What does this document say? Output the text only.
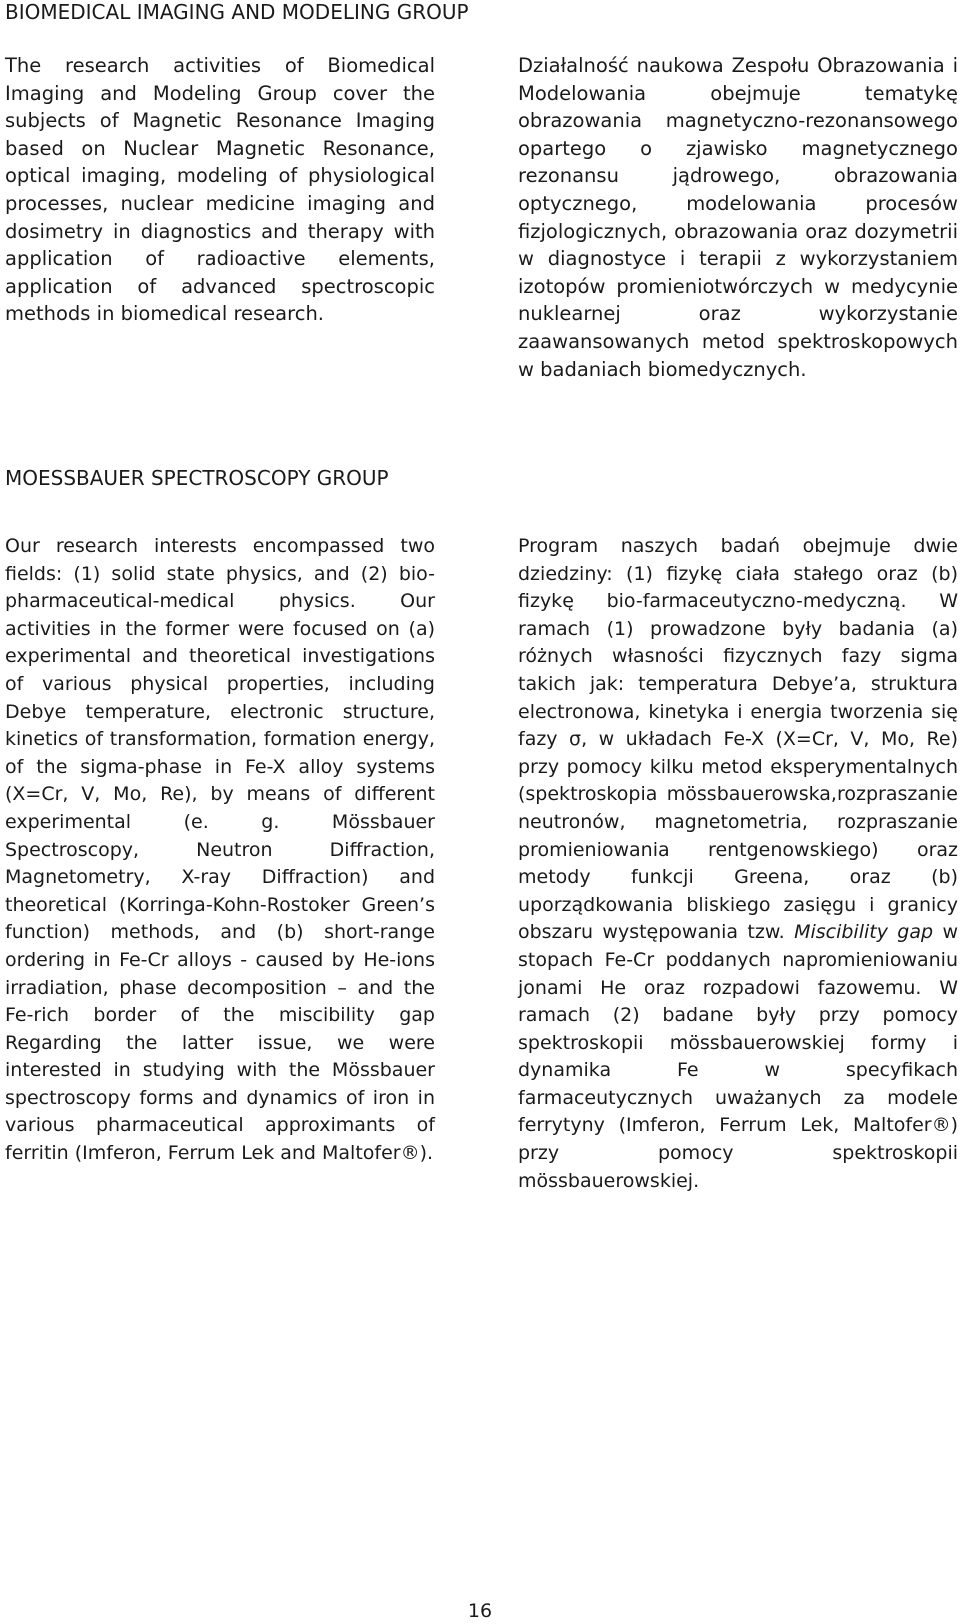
BIOMEDICAL IMAGING AND MODELING GROUP

The research activities of Biomedical Imaging and Modeling Group cover the subjects of Magnetic Resonance Imaging based on Nuclear Magnetic Resonance, optical imaging, modeling of physiological processes, nuclear medicine imaging and dosimetry in diagnostics and therapy with application of radioactive elements, application of advanced spectroscopic methods in biomedical research.

Działalność naukowa Zespołu Obrazowania i Modelowania obejmuje tematykę obrazowania magnetyczno-rezonansowego opartego o zjawisko magnetycznego rezonansu jądrowego, obrazowania optycznego, modelowania procesów fizjologicznych, obrazowania oraz dozymetrii w diagnostyce i terapii z wykorzystaniem izotopów promieniotwórczych w medycynie nuklearnej oraz wykorzystanie zaawansowanych metod spektroskopowych w badaniach biomedycznych.

MOESSBAUER SPECTROSCOPY GROUP

Our research interests encompassed two fields: (1) solid state physics, and (2) bio-pharmaceutical-medical physics. Our activities in the former were focused on (a) experimental and theoretical investigations of various physical properties, including Debye temperature, electronic structure, kinetics of transformation, formation energy, of the sigma-phase in Fe-X alloy systems (X=Cr, V, Mo, Re), by means of different experimental (e. g. Mössbauer Spectroscopy, Neutron Diffraction, Magnetometry, X-ray Diffraction) and theoretical (Korringa-Kohn-Rostoker Green’s function) methods, and (b) short-range ordering in Fe-Cr alloys - caused by He-ions irradiation, phase decomposition – and the Fe-rich border of the miscibility gap Regarding the latter issue, we were interested in studying with the Mössbauer spectroscopy forms and dynamics of iron in various pharmaceutical approximants of ferritin (Imferon, Ferrum Lek and Maltofer®).

Program naszych badań obejmuje dwie dziedziny: (1) fizykę ciała stałego oraz (b) fizykę bio-farmaceutyczno-medyczną. W ramach (1) prowadzone były badania (a) różnych własności fizycznych fazy sigma takich jak: temperatura Debye’a, struktura electronowa, kinetyka i energia tworzenia się fazy σ, w układach Fe-X (X=Cr, V, Mo, Re) przy pomocy kilku metod eksperymentalnych (spektroskopia mössbauerowska,rozpraszanie neutronów, magnetometria, rozpraszanie promieniowania rentgenowskiego) oraz metody funkcji Greena, oraz (b) uporządkowania bliskiego zasięgu i granicy obszaru występowania tzw. Miscibility gap w stopach Fe-Cr poddanych napromieniowaniu jonami He oraz rozpadowi fazowemu. W ramach (2) badane były przy pomocy spektroskopii mössbauerowskiej formy i dynamika Fe w specyfikach farmaceutycznych uważanych za modele ferrytyny (Imferon, Ferrum Lek, Maltofer®) przy pomocy spektroskopii mössbauerowskiej.

16
